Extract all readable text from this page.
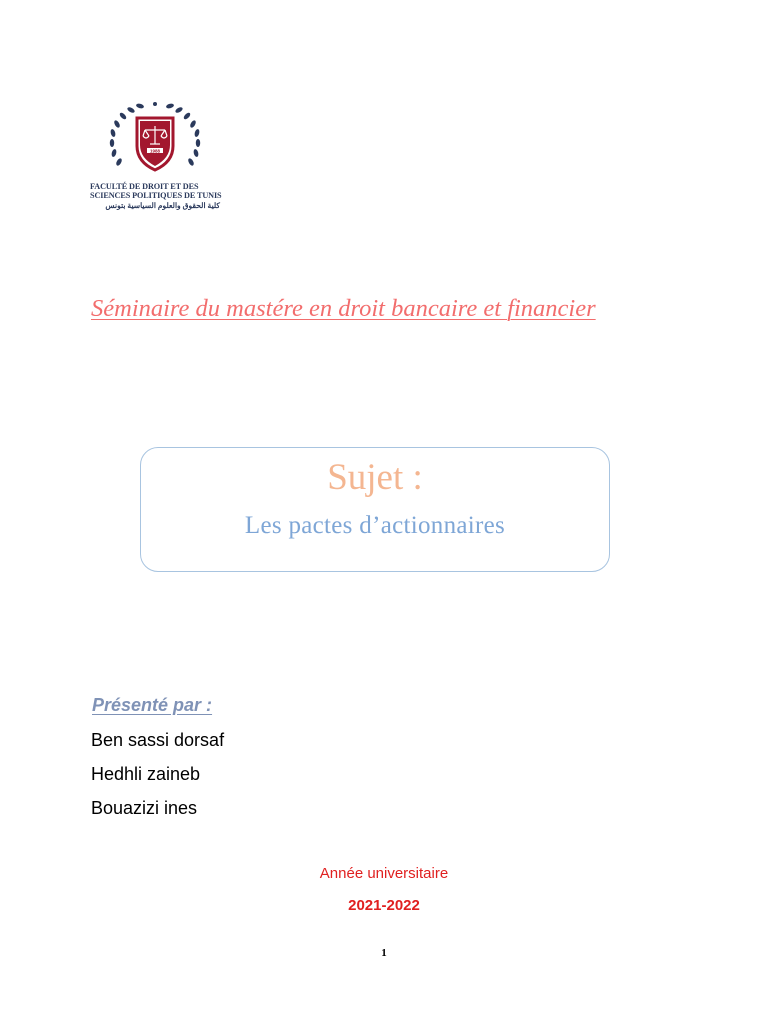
1988
FACULTÉ DE DROIT ET DES
SCIENCES POLITIQUES DE TUNIS
كلية الحقوق والعلوم السياسية بتونس
Séminaire du mastére en droit bancaire et financier
Sujet :
Les pactes d’actionnaires
Présenté par :
Ben sassi dorsaf
Hedhli zaineb
Bouazizi ines
Année universitaire
2021-2022
1
